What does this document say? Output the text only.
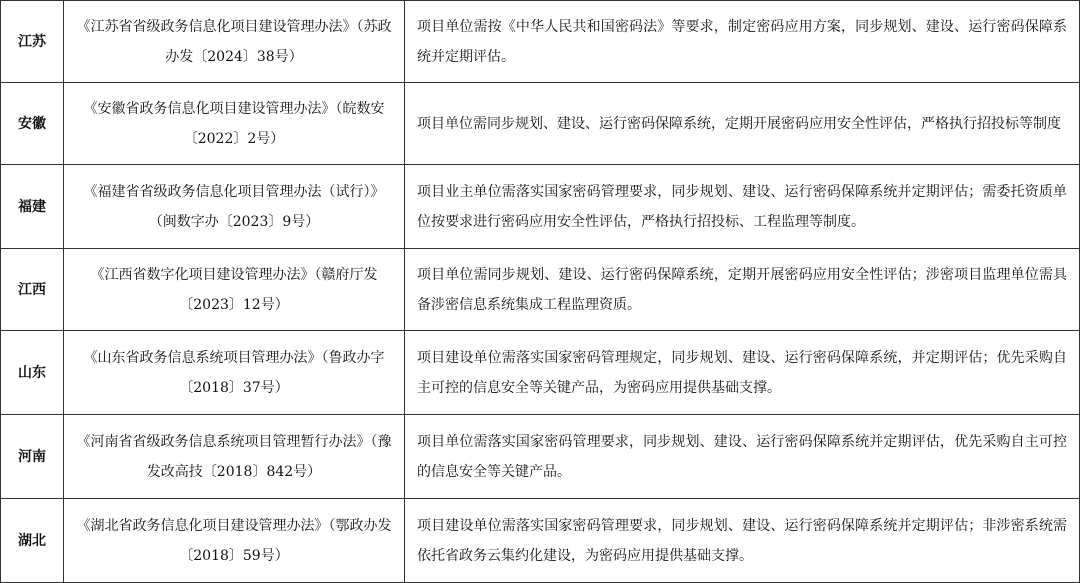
江苏	《江苏省省级政务信息化项目建设管理办法》（苏政办发〔2024〕38号）	项目单位需按《中华人民共和国密码法》等要求，制定密码应用方案，同步规划、建设、运行密码保障系统并定期评估。
安徽	《安徽省政务信息化项目建设管理办法》（皖数安〔2022〕2号）	项目单位需同步规划、建设、运行密码保障系统，定期开展密码应用安全性评估，严格执行招投标等制度
福建	《福建省省级政务信息化项目管理办法（试行）》（闽数字办〔2023〕9号）	项目业主单位需落实国家密码管理要求，同步规划、建设、运行密码保障系统并定期评估；需委托资质单位按要求进行密码应用安全性评估，严格执行招投标、工程监理等制度。
江西	《江西省数字化项目建设管理办法》（赣府厅发〔2023〕12号）	项目单位需同步规划、建设、运行密码保障系统，定期开展密码应用安全性评估；涉密项目监理单位需具备涉密信息系统集成工程监理资质。
山东	《山东省政务信息系统项目管理办法》（鲁政办字〔2018〕37号）	项目建设单位需落实国家密码管理规定，同步规划、建设、运行密码保障系统，并定期评估；优先采购自主可控的信息安全等关键产品，为密码应用提供基础支撑。
河南	《河南省省级政务信息系统项目管理暂行办法》（豫发改高技〔2018〕842号）	项目单位需落实国家密码管理要求，同步规划、建设、运行密码保障系统并定期评估，优先采购自主可控的信息安全等关键产品。
湖北	《湖北省政务信息化项目建设管理办法》（鄂政办发〔2018〕59号）	项目建设单位需落实国家密码管理要求，同步规划、建设、运行密码保障系统并定期评估；非涉密系统需依托省政务云集约化建设，为密码应用提供基础支撑。
